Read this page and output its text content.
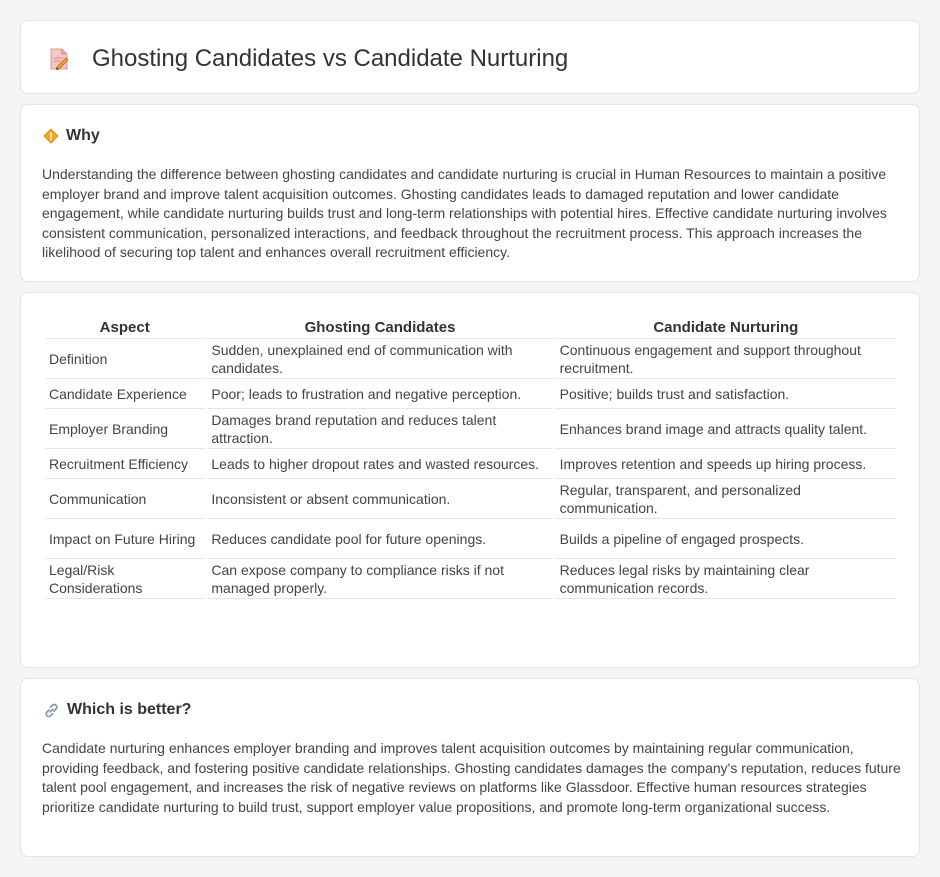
Ghosting Candidates vs Candidate Nurturing
Why

Understanding the difference between ghosting candidates and candidate nurturing is crucial in Human Resources to maintain a positive employer brand and improve talent acquisition outcomes. Ghosting candidates leads to damaged reputation and lower candidate engagement, while candidate nurturing builds trust and long-term relationships with potential hires. Effective candidate nurturing involves consistent communication, personalized interactions, and feedback throughout the recruitment process. This approach increases the likelihood of securing top talent and enhances overall recruitment efficiency.

Aspect	Ghosting Candidates	Candidate Nurturing
Definition	Sudden, unexplained end of communication with candidates.	Continuous engagement and support throughout recruitment.
Candidate Experience	Poor; leads to frustration and negative perception.	Positive; builds trust and satisfaction.
Employer Branding	Damages brand reputation and reduces talent attraction.	Enhances brand image and attracts quality talent.
Recruitment Efficiency	Leads to higher dropout rates and wasted resources.	Improves retention and speeds up hiring process.
Communication	Inconsistent or absent communication.	Regular, transparent, and personalized communication.
Impact on Future Hiring	Reduces candidate pool for future openings.	Builds a pipeline of engaged prospects.
Legal/Risk Considerations	Can expose company to compliance risks if not managed properly.	Reduces legal risks by maintaining clear communication records.
Which is better?

Candidate nurturing enhances employer branding and improves talent acquisition outcomes by maintaining regular communication, providing feedback, and fostering positive candidate relationships. Ghosting candidates damages the company's reputation, reduces future talent pool engagement, and increases the risk of negative reviews on platforms like Glassdoor. Effective human resources strategies prioritize candidate nurturing to build trust, support employer value propositions, and promote long-term organizational success.
